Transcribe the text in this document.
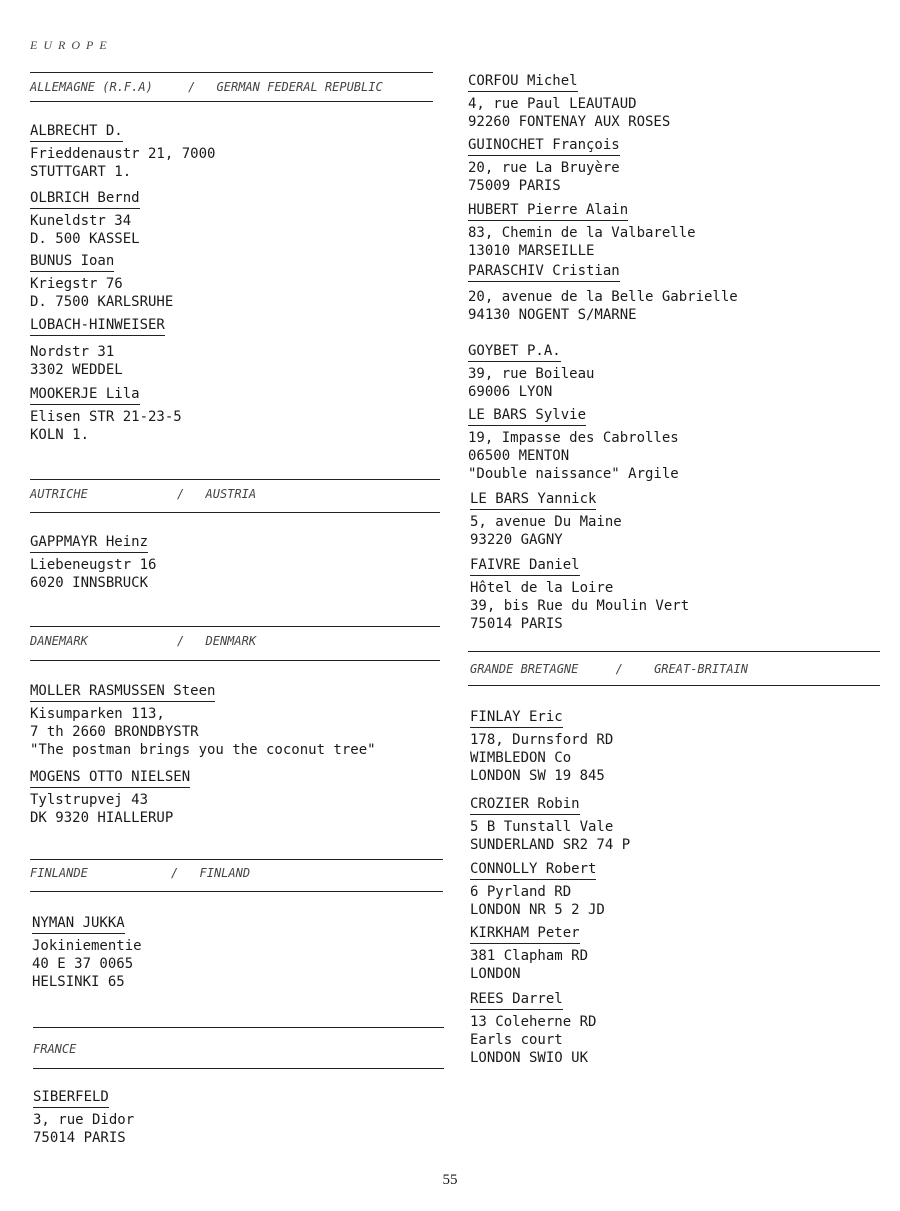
EUROPE
ALLEMAGNE (R.F.A)	/ GERMAN FEDERAL REPUBLIC
ALBRECHT D.
Frieddenaustr 21, 7000
STUTTGART 1.
OLBRICH Bernd
Kuneldstr 34
D. 500 KASSEL
BUNUS Ioan
Kriegstr 76
D. 7500 KARLSRUHE
LOBACH-HINWEISER
Nordstr 31
3302 WEDDEL
MOOKERJE Lila
Elisen STR 21-23-5
KOLN 1.
AUTRICHE	/ AUSTRIA
GAPPMAYR Heinz
Liebeneugstr 16
6020 INNSBRUCK
DANEMARK	/ DENMARK
MOLLER RASMUSSEN Steen
Kisumparken 113,
7 th 2660 BRONDBYSTR
"The postman brings you the coconut tree"
MOGENS OTTO NIELSEN
Tylstrupvej 43
DK 9320 HIALLERUP
FINLANDE	/ FINLAND
NYMAN JUKKA
Jokiniementie
40 E 37 0065
HELSINKI 65
FRANCE
SIBERFELD
3, rue Didor
75014 PARIS
CORFOU Michel
4, rue Paul LEAUTAUD
92260 FONTENAY AUX ROSES
GUINOCHET François
20, rue La Bruyère
75009 PARIS
HUBERT Pierre Alain
83, Chemin de la Valbarelle
13010 MARSEILLE
PARASCHIV Cristian
20, avenue de la Belle Gabrielle
94130 NOGENT S/MARNE
GOYBET P.A.
39, rue Boileau
69006 LYON
LE BARS Sylvie
19, Impasse des Cabrolles
06500 MENTON
"Double naissance" Argile
LE BARS Yannick
5, avenue Du Maine
93220 GAGNY
FAIVRE Daniel
Hôtel de la Loire
39, bis Rue du Moulin Vert
75014 PARIS
GRANDE BRETAGNE	/	GREAT-BRITAIN
FINLAY Eric
178, Durnsford RD
WIMBLEDON Co
LONDON SW 19 845
CROZIER Robin
5 B Tunstall Vale
SUNDERLAND SR2 74 P
CONNOLLY Robert
6 Pyrland RD
LONDON NR 5 2 JD
KIRKHAM Peter
381 Clapham RD
LONDON
REES Darrel
13 Coleherne RD
Earls court
LONDON SWIO UK
55
